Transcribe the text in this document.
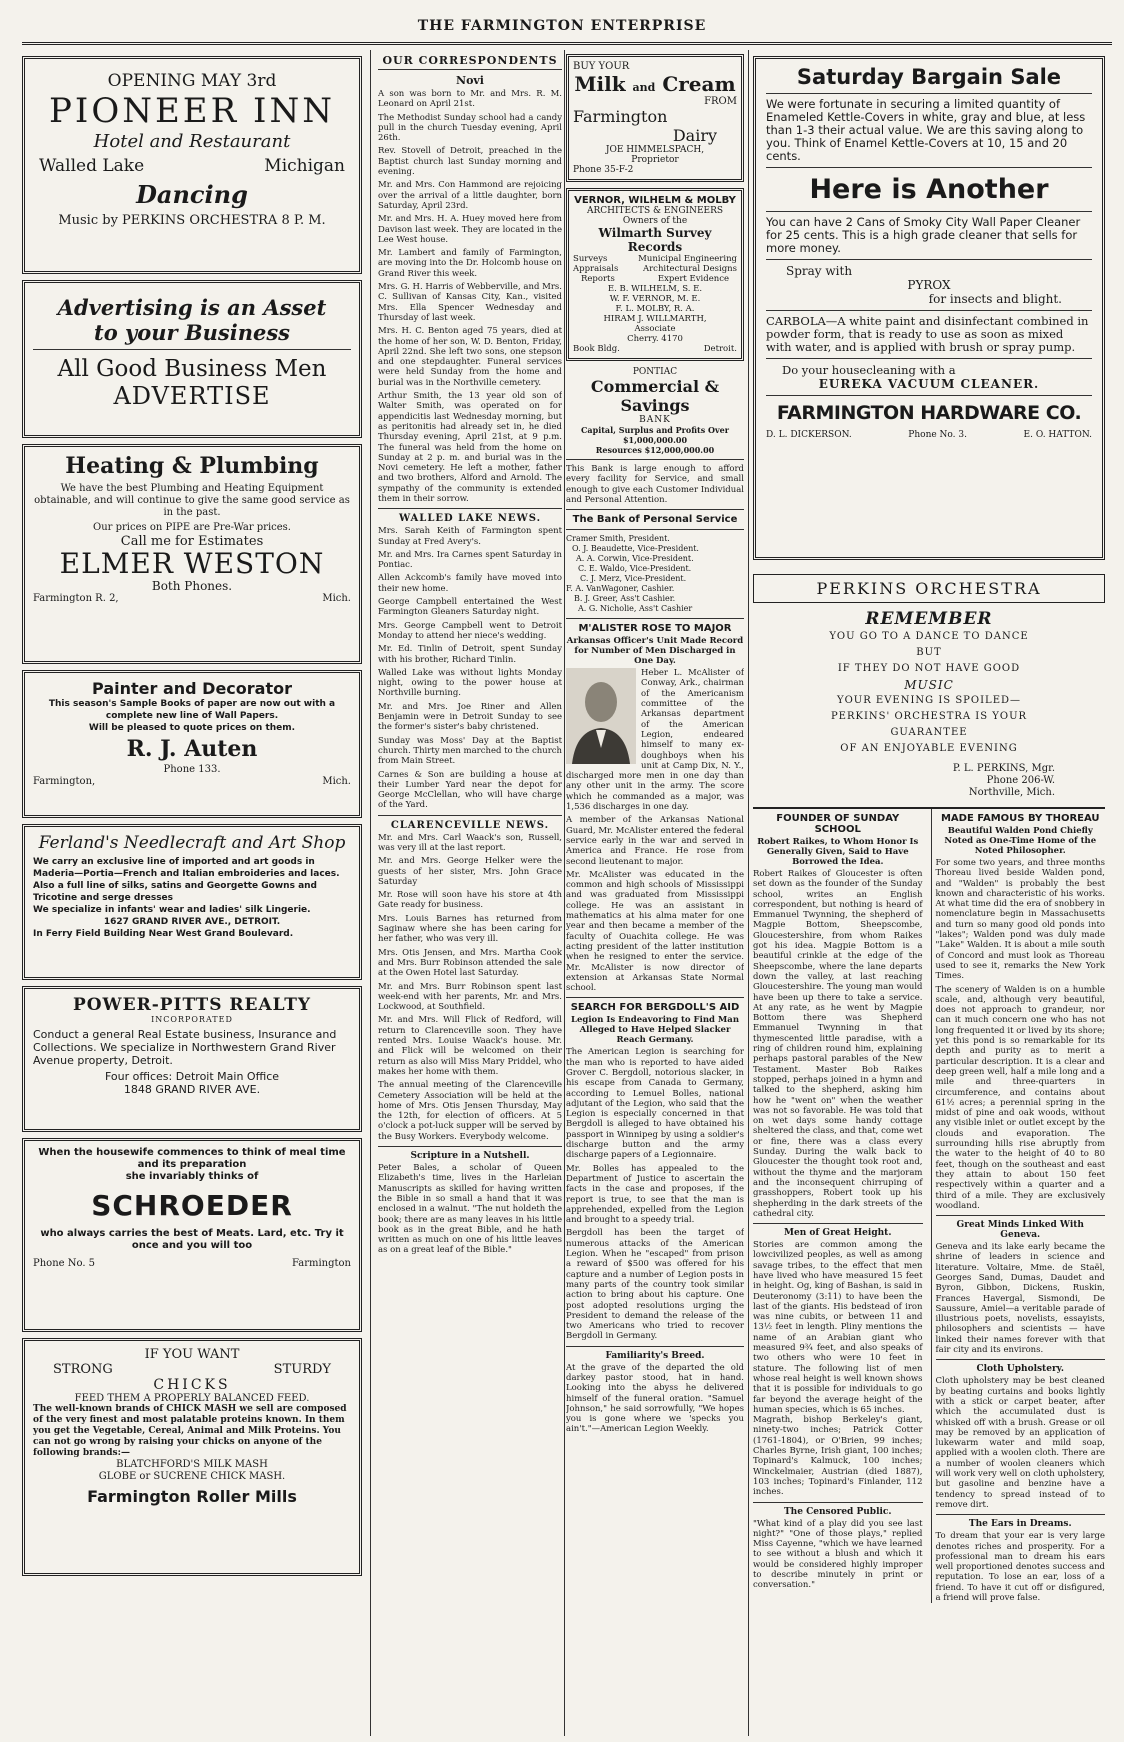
THE FARMINGTON ENTERPRISE
OPENING MAY 3rd
PIONEER INN
Hotel and Restaurant
Walled Lake	Michigan
Dancing
Music by PERKINS ORCHESTRA 8 P. M.
Advertising is an Asset
to your Business
All Good Business Men
ADVERTISE
Heating & Plumbing
We have the best Plumbing and Heating Equipment obtainable, and will continue to give the same good service as in the past.
Our prices on PIPE are Pre-War prices.
Call me for Estimates
ELMER WESTON
Both Phones.
Farmington R. 2,	Mich.
Painter and Decorator
This season's Sample Books of paper are now out with a complete new line of Wall Papers.
Will be pleased to quote prices on them.
R. J. Auten
Phone 133.
Farmington,	Mich.
Ferland's Needlecraft and Art Shop
We carry an exclusive line of imported and art goods in Maderia—Portia—French and Italian embroideries and laces.
Also a full line of silks, satins and Georgette Gowns and Tricotine and serge dresses
We specialize in infants' wear and ladies' silk Lingerie.
1627 GRAND RIVER AVE., DETROIT.
In Ferry Field Building Near West Grand Boulevard.
POWER-PITTS REALTY
INCORPORATED
Conduct a general Real Estate business, Insurance and Collections. We specialize in Northwestern Grand River Avenue property, Detroit.
Four offices: Detroit Main Office
1848 GRAND RIVER AVE.
When the housewife commences to think of meal time and its preparation
she invariably thinks of
SCHROEDER
who always carries the best of Meats. Lard, etc. Try it once and you will too
Phone No. 5	Farmington
IF YOU WANT
STRONG	STURDY
CHICKS
FEED THEM A PROPERLY BALANCED FEED.
The well-known brands of CHICK MASH we sell are composed of the very finest and most palatable proteins known. In them you get the Vegetable, Cereal, Animal and Milk Proteins. You can not go wrong by raising your chicks on anyone of the following brands:—
BLATCHFORD'S MILK MASH
GLOBE or SUCRENE CHICK MASH.
Farmington Roller Mills
OUR CORRESPONDENTS
Novi

A son was born to Mr. and Mrs. R. M. Leonard on April 21st.

The Methodist Sunday school had a candy pull in the church Tuesday evening, April 26th.

Rev. Stovell of Detroit, preached in the Baptist church last Sunday morning and evening.

Mr. and Mrs. Con Hammond are rejoicing over the arrival of a little daughter, born Saturday, April 23rd.

Mr. and Mrs. H. A. Huey moved here from Davison last week. They are located in the Lee West house.

Mr. Lambert and family of Farmington, are moving into the Dr. Holcomb house on Grand River this week.

Mrs. G. H. Harris of Webberville, and Mrs. C. Sullivan of Kansas City, Kan., visited Mrs. Ella Spencer Wednesday and Thursday of last week.

Mrs. H. C. Benton aged 75 years, died at the home of her son, W. D. Benton, Friday, April 22nd. She left two sons, one stepson and one stepdaughter. Funeral services were held Sunday from the home and burial was in the Northville cemetery.

Arthur Smith, the 13 year old son of Walter Smith, was operated on for appendicitis last Wednesday morning, but as peritonitis had already set in, he died Thursday evening, April 21st, at 9 p.m. The funeral was held from the home on Sunday at 2 p. m. and burial was in the Novi cemetery. He left a mother, father and two brothers, Alford and Arnold. The sympathy of the community is extended them in their sorrow.

WALLED LAKE NEWS.

Mrs. Sarah Keith of Farmington spent Sunday at Fred Avery's.

Mr. and Mrs. Ira Carnes spent Saturday in Pontiac.

Allen Ackcomb's family have moved into their new home.

George Campbell entertained the West Farmington Gleaners Saturday night.

Mrs. George Campbell went to Detroit Monday to attend her niece's wedding.

Mr. Ed. Tinlin of Detroit, spent Sunday with his brother, Richard Tinlin.

Walled Lake was without lights Monday night, owing to the power house at Northville burning.

Mr. and Mrs. Joe Riner and Allen Benjamin were in Detroit Sunday to see the former's sister's baby christened.

Sunday was Moss' Day at the Baptist church. Thirty men marched to the church from Main Street.

Carnes & Son are building a house at their Lumber Yard near the depot for George McClellan, who will have charge of the Yard.

CLARENCEVILLE NEWS.

Mr. and Mrs. Carl Waack's son, Russell, was very ill at the last report.

Mr. and Mrs. George Helker were the guests of her sister, Mrs. John Grace Saturday

Mr. Rose will soon have his store at 4th Gate ready for business.

Mrs. Louis Barnes has returned from Saginaw where she has been caring for her father, who was very ill.

Mrs. Otis Jensen, and Mrs. Martha Cook and Mrs. Burr Robinson attended the sale at the Owen Hotel last Saturday.

Mr. and Mrs. Burr Robinson spent last week-end with her parents, Mr. and Mrs. Lockwood, at Southfield.

Mr. and Mrs. Will Flick of Redford, will return to Clarenceville soon. They have rented Mrs. Louise Waack's house. Mr. and Flick will be welcomed on their return as also will Miss Mary Priddel, who makes her home with them.

The annual meeting of the Clarenceville Cemetery Association will be held at the home of Mrs. Otis Jensen Thursday, May the 12th, for election of officers. At 5 o'clock a pot-luck supper will be served by the Busy Workers. Everybody welcome.

Scripture in a Nutshell.
Peter Bales, a scholar of Queen Elizabeth's time, lives in the Harleian Manuscripts as skilled for having written the Bible in so small a hand that it was enclosed in a walnut. "The nut holdeth the book; there are as many leaves in his little book as in the great Bible, and he hath written as much on one of his little leaves as on a great leaf of the Bible."
BUY YOUR
Milk and Cream
FROM
Farmington
Dairy
JOE HIMMELSPACH,
Proprietor
Phone 35-F-2
VERNOR, WILHELM & MOLBY
ARCHITECTS & ENGINEERS
Owners of the
Wilmarth Survey Records
Surveys	Municipal Engineering
Appraisals	Architectural Designs
Reports	Expert Evidence
E. B. WILHELM, S. E.
W. F. VERNOR, M. E.
F. L. MOLBY, R. A.
HIRAM J. WILLMARTH,
Associate
Cherry. 4170
Book Bldg.	Detroit.
PONTIAC
Commercial & Savings
BANK
Capital, Surplus and Profits Over $1,000,000.00
Resources $12,000,000.00
This Bank is large enough to afford every facility for Service, and small enough to give each Customer Individual and Personal Attention.
The Bank of Personal Service
Cramer Smith, President.
O. J. Beaudette, Vice-President.
A. A. Corwin, Vice-President.
C. E. Waldo, Vice-President.
C. J. Merz, Vice-President.
F. A. VanWagoner, Cashier.
B. J. Greer, Ass't Cashier.
A. G. Nicholie, Ass't Cashier
M'ALISTER ROSE TO MAJOR
Arkansas Officer's Unit Made Record for Number of Men Discharged in One Day.

Heber L. McAlister of Conway, Ark., chairman of the Americanism committee of the Arkansas department of the American Legion, endeared himself to many ex-doughboys when his unit at Camp Dix, N. Y., discharged more men in one day than any other unit in the army. The score which he commanded as a major, was 1,536 discharges in one day.

A member of the Arkansas National Guard, Mr. McAlister entered the federal service early in the war and served in America and France. He rose from second lieutenant to major.

Mr. McAlister was educated in the common and high schools of Mississippi and was graduated from Mississippi college. He was an assistant in mathematics at his alma mater for one year and then became a member of the faculty of Ouachita college. He was acting president of the latter institution when he resigned to enter the service. Mr. McAlister is now director of extension at Arkansas State Normal school.

SEARCH FOR BERGDOLL'S AID
Legion Is Endeavoring to Find Man Alleged to Have Helped Slacker Reach Germany.

The American Legion is searching for the man who is reported to have aided Grover C. Bergdoll, notorious slacker, in his escape from Canada to Germany, according to Lemuel Bolles, national adjutant of the Legion, who said that the Legion is especially concerned in that Bergdoll is alleged to have obtained his passport in Winnipeg by using a soldier's discharge button and the army discharge papers of a Legionnaire.

Mr. Bolles has appealed to the Department of Justice to ascertain the facts in the case and proposes, if the report is true, to see that the man is apprehended, expelled from the Legion and brought to a speedy trial.

Bergdoll has been the target of numerous attacks of the American Legion. When he "escaped" from prison a reward of $500 was offered for his capture and a number of Legion posts in many parts of the country took similar action to bring about his capture. One post adopted resolutions urging the President to demand the release of the two Americans who tried to recover Bergdoll in Germany.

Familiarity's Breed.
At the grave of the departed the old darkey pastor stood, hat in hand. Looking into the abyss he delivered himself of the funeral oration. "Samuel Johnson," he said sorrowfully, "We hopes you is gone where we 'specks you ain't."—American Legion Weekly.
Saturday Bargain Sale
We were fortunate in securing a limited quantity of Enameled Kettle-Covers in white, gray and blue, at less than 1-3 their actual value. We are this saving along to you. Think of Enamel Kettle-Covers at 10, 15 and 20 cents.
Here is Another
You can have 2 Cans of Smoky City Wall Paper Cleaner for 25 cents. This is a high grade cleaner that sells for more money.
Spray with
PYROX
for insects and blight.
CARBOLA—A white paint and disinfectant combined in powder form, that is ready to use as soon as mixed with water, and is applied with brush or spray pump.
Do your housecleaning with a
EUREKA VACUUM CLEANER.
FARMINGTON HARDWARE CO.
D. L. DICKERSON.	Phone No. 3.	E. O. HATTON.
PERKINS ORCHESTRA
REMEMBER
YOU GO TO A DANCE TO DANCE
BUT
IF THEY DO NOT HAVE GOOD
MUSIC
YOUR EVENING IS SPOILED—
PERKINS' ORCHESTRA IS YOUR
GUARANTEE
OF AN ENJOYABLE EVENING
P. L. PERKINS, Mgr.
Phone 206-W.
Northville, Mich.
FOUNDER OF SUNDAY SCHOOL
Robert Raikes, to Whom Honor Is Generally Given, Said to Have Borrowed the Idea.
Robert Raikes of Gloucester is often set down as the founder of the Sunday school, writes an English correspondent, but nothing is heard of Emmanuel Twynning, the shepherd of Magpie Bottom, Sheepscombe, Gloucestershire, from whom Raikes got his idea. Magpie Bottom is a beautiful crinkle at the edge of the Sheepscombe, where the lane departs down the valley, at last reaching Gloucestershire. The young man would have been up there to take a service. At any rate, as he went by Magpie Bottom there was Shepherd Emmanuel Twynning in that thymescented little paradise, with a ring of children round him, explaining perhaps pastoral parables of the New Testament. Master Bob Raikes stopped, perhaps joined in a hymn and talked to the shepherd, asking him how he "went on" when the weather was not so favorable. He was told that on wet days some handy cottage sheltered the class, and that, come wet or fine, there was a class every Sunday. During the walk back to Gloucester the thought took root and, without the thyme and the marjoram and the inconsequent chirruping of grasshoppers, Robert took up his shepherding in the dark streets of the cathedral city.
Men of Great Height.
Stories are common among the lowcivilized peoples, as well as among savage tribes, to the effect that men have lived who have measured 15 feet in height. Og, king of Bashan, is said in Deuteronomy (3:11) to have been the last of the giants. His bedstead of iron was nine cubits, or between 11 and 13½ feet in length. Pliny mentions the name of an Arabian giant who measured 9¾ feet, and also speaks of two others who were 10 feet in stature. The following list of men whose real height is well known shows that it is possible for individuals to go far beyond the average height of the human species, which is 65 inches.
Magrath, bishop Berkeley's giant, ninety-two inches; Patrick Cotter (1761-1804), or O'Brien, 99 inches; Charles Byrne, Irish giant, 100 inches; Topinard's Kalmuck, 100 inches; Winckelmaier, Austrian (died 1887), 103 inches; Topinard's Finlander, 112 inches.
The Censored Public.
"What kind of a play did you see last night?" "One of those plays," replied Miss Cayenne, "which we have learned to see without a blush and which it would be considered highly improper to describe minutely in print or conversation."
MADE FAMOUS BY THOREAU
Beautiful Walden Pond Chiefly Noted as One-Time Home of the Noted Philosopher.

For some two years, and three months Thoreau lived beside Walden pond, and "Walden" is probably the best known and characteristic of his works. At what time did the era of snobbery in nomenclature begin in Massachusetts and turn so many good old ponds into "lakes"; Walden pond was duly made "Lake" Walden. It is about a mile south of Concord and must look as Thoreau used to see it, remarks the New York Times.

The scenery of Walden is on a humble scale, and, although very beautiful, does not approach to grandeur, nor can it much concern one who has not long frequented it or lived by its shore; yet this pond is so remarkable for its depth and purity as to merit a particular description. It is a clear and deep green well, half a mile long and a mile and three-quarters in circumference, and contains about 61½ acres; a perennial spring in the midst of pine and oak woods, without any visible inlet or outlet except by the clouds and evaporation. The surrounding hills rise abruptly from the water to the height of 40 to 80 feet, though on the southeast and east they attain to about 150 feet respectively within a quarter and a third of a mile. They are exclusively woodland.

Great Minds Linked With Geneva.
Geneva and its lake early became the shrine of leaders in science and literature. Voltaire, Mme. de Staël, Georges Sand, Dumas, Daudet and Byron, Gibbon, Dickens, Ruskin, Frances Havergal, Sismondi, De Saussure, Amiel—a veritable parade of illustrious poets, novelists, essayists, philosophers and scientists — have linked their names forever with that fair city and its environs.
Cloth Upholstery.
Cloth upholstery may be best cleaned by beating curtains and books lightly with a stick or carpet beater, after which the accumulated dust is whisked off with a brush. Grease or oil may be removed by an application of lukewarm water and mild soap, applied with a woolen cloth. There are a number of woolen cleaners which will work very well on cloth upholstery, but gasoline and benzine have a tendency to spread instead of to remove dirt.
The Ears in Dreams.
To dream that your ear is very large denotes riches and prosperity. For a professional man to dream his ears well proportioned denotes success and reputation. To lose an ear, loss of a friend. To have it cut off or disfigured, a friend will prove false.
